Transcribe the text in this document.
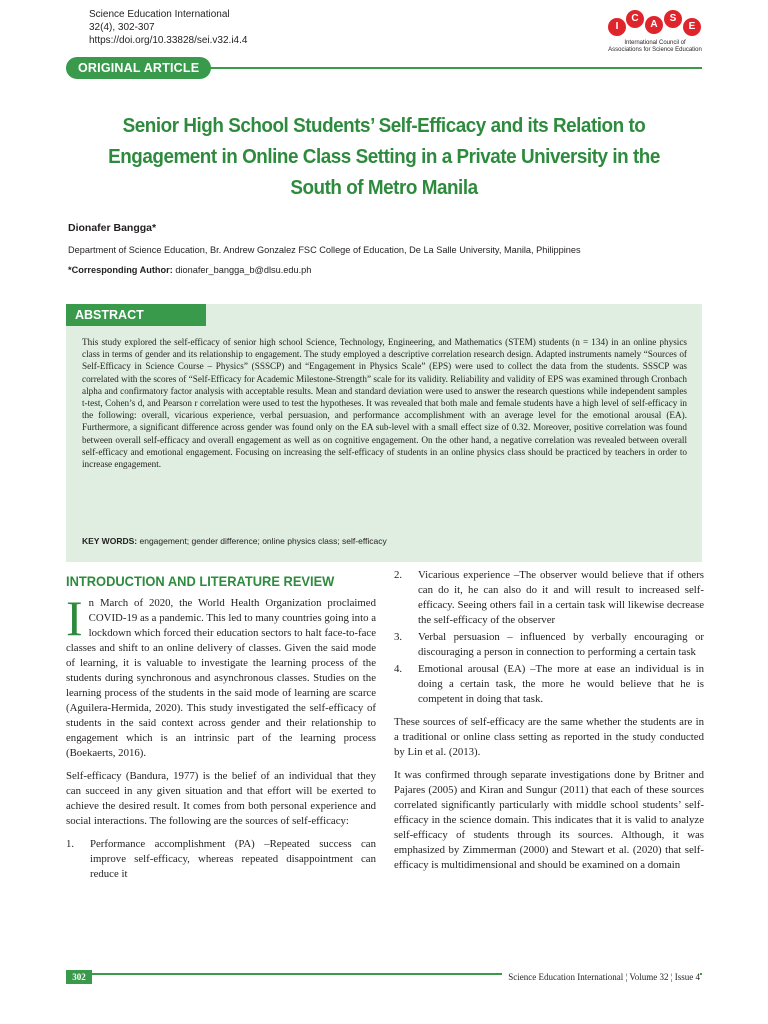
Science Education International
32(4), 302-307
https://doi.org/10.33828/sei.v32.i4.4
I
C
A
S
E
International Council of
Associations for Science Education
ORIGINAL ARTICLE
Senior High School Students’ Self-Efficacy and its Relation to Engagement in Online Class Setting in a Private University in the South of Metro Manila
Dionafer Bangga*
Department of Science Education, Br. Andrew Gonzalez FSC College of Education, De La Salle University, Manila, Philippines
*Corresponding Author: dionafer_bangga_b@dlsu.edu.ph
ABSTRACT

This study explored the self-efficacy of senior high school Science, Technology, Engineering, and Mathematics (STEM) students (n = 134) in an online physics class in terms of gender and its relationship to engagement. The study employed a descriptive correlation research design. Adapted instruments namely “Sources of Self-Efficacy in Science Course – Physics” (SSSCP) and “Engagement in Physics Scale” (EPS) were used to collect the data from the students. SSSCP was correlated with the scores of “Self-Efficacy for Academic Milestone-Strength” scale for its validity. Reliability and validity of EPS was examined through Cronbach alpha and confirmatory factor analysis with acceptable results. Mean and standard deviation were used to answer the research questions while independent samples t-test, Cohen’s d, and Pearson r correlation were used to test the hypotheses. It was revealed that both male and female students have a high level of self-efficacy in the following: overall, vicarious experience, verbal persuasion, and performance accomplishment with an average level for the emotional arousal (EA). Furthermore, a significant difference across gender was found only on the EA sub-level with a small effect size of 0.32. Moreover, positive correlation was found between overall self-efficacy and overall engagement as well as on cognitive engagement. On the other hand, a negative correlation was revealed between overall self-efficacy and emotional engagement. Focusing on increasing the self-efficacy of students in an online physics class should be practiced by teachers in order to increase engagement.

KEY WORDS: engagement; gender difference; online physics class; self-efficacy
INTRODUCTION AND LITERATURE REVIEW

I n March of 2020, the World Health Organization proclaimed COVID-19 as a pandemic. This led to many countries going into a lockdown which forced their education sectors to halt face-to-face classes and shift to an online delivery of classes. Given the said mode of learning, it is valuable to investigate the learning process of the students during synchronous and asynchronous classes. Studies on the learning process of the students in the said mode of learning are scarce (Aguilera-Hermida, 2020). This study investigated the self-efficacy of students in the said context across gender and their relationship to engagement which is an intrinsic part of the learning process (Boekaerts, 2016).

Self-efficacy (Bandura, 1977) is the belief of an individual that they can succeed in any given situation and that effort will be exerted to achieve the desired result. It comes from both personal experience and social interactions. The following are the sources of self-efficacy:

1. Performance accomplishment (PA) –Repeated success can improve self-efficacy, whereas repeated disappointment can reduce it
2. Vicarious experience –The observer would believe that if others can do it, he can also do it and will result to increased self-efficacy. Seeing others fail in a certain task will likewise decrease the self-efficacy of the observer
3. Verbal persuasion – influenced by verbally encouraging or discouraging a person in connection to performing a certain task
4. Emotional arousal (EA) –The more at ease an individual is in doing a certain task, the more he would believe that he is competent in doing that task.

These sources of self-efficacy are the same whether the students are in a traditional or online class setting as reported in the study conducted by Lin et al. (2013).

It was confirmed through separate investigations done by Britner and Pajares (2005) and Kiran and Sungur (2011) that each of these sources correlated significantly particularly with middle school students’ self-efficacy in the science domain. This indicates that it is valid to analyze self-efficacy of students through its sources. Although, it was emphasized by Zimmerman (2000) and Stewart et al. (2020) that self-efficacy is multidimensional and should be examined on a domain

302	Science Education International ¦ Volume 32 ¦ Issue 4
